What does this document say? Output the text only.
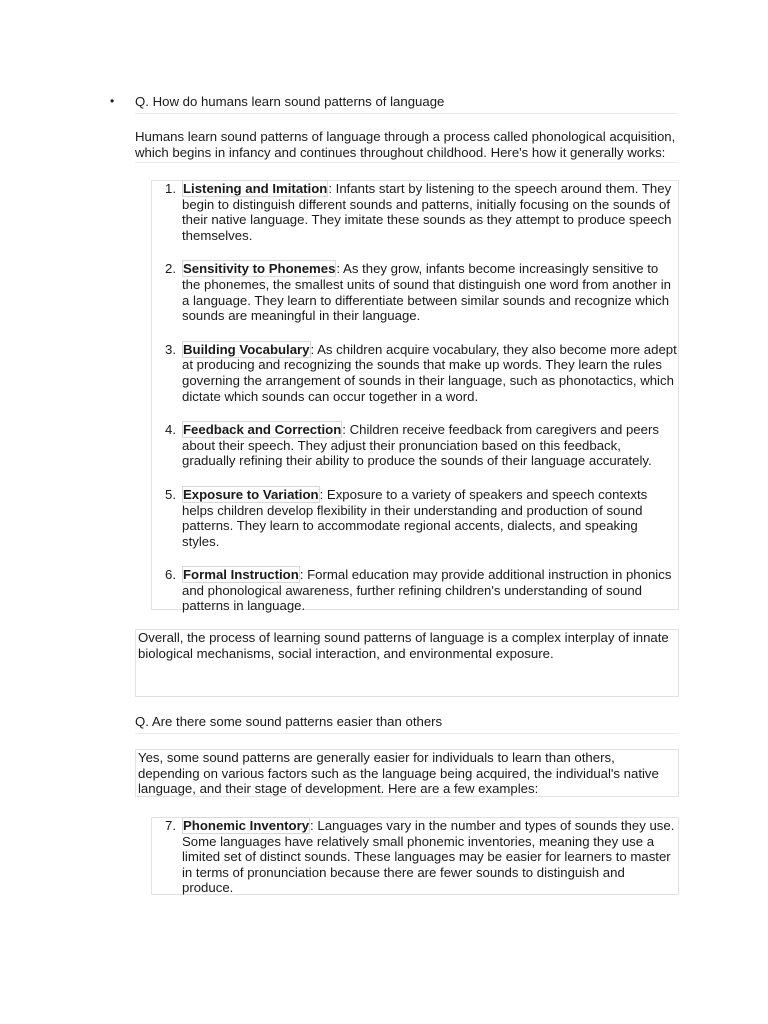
• Q. How do humans learn sound patterns of language
Humans learn sound patterns of language through a process called phonological acquisition, which begins in infancy and continues throughout childhood. Here's how it generally works:
1. Listening and Imitation: Infants start by listening to the speech around them. They begin to distinguish different sounds and patterns, initially focusing on the sounds of their native language. They imitate these sounds as they attempt to produce speech themselves.
2. Sensitivity to Phonemes: As they grow, infants become increasingly sensitive to the phonemes, the smallest units of sound that distinguish one word from another in a language. They learn to differentiate between similar sounds and recognize which sounds are meaningful in their language.
3. Building Vocabulary: As children acquire vocabulary, they also become more adept at producing and recognizing the sounds that make up words. They learn the rules governing the arrangement of sounds in their language, such as phonotactics, which dictate which sounds can occur together in a word.
4. Feedback and Correction: Children receive feedback from caregivers and peers about their speech. They adjust their pronunciation based on this feedback, gradually refining their ability to produce the sounds of their language accurately.
5. Exposure to Variation: Exposure to a variety of speakers and speech contexts helps children develop flexibility in their understanding and production of sound patterns. They learn to accommodate regional accents, dialects, and speaking styles.
6. Formal Instruction: Formal education may provide additional instruction in phonics and phonological awareness, further refining children's understanding of sound patterns in language.
Overall, the process of learning sound patterns of language is a complex interplay of innate biological mechanisms, social interaction, and environmental exposure.
Q. Are there some sound patterns easier than others
Yes, some sound patterns are generally easier for individuals to learn than others, depending on various factors such as the language being acquired, the individual's native language, and their stage of development. Here are a few examples:
7. Phonemic Inventory: Languages vary in the number and types of sounds they use. Some languages have relatively small phonemic inventories, meaning they use a limited set of distinct sounds. These languages may be easier for learners to master in terms of pronunciation because there are fewer sounds to distinguish and produce.
